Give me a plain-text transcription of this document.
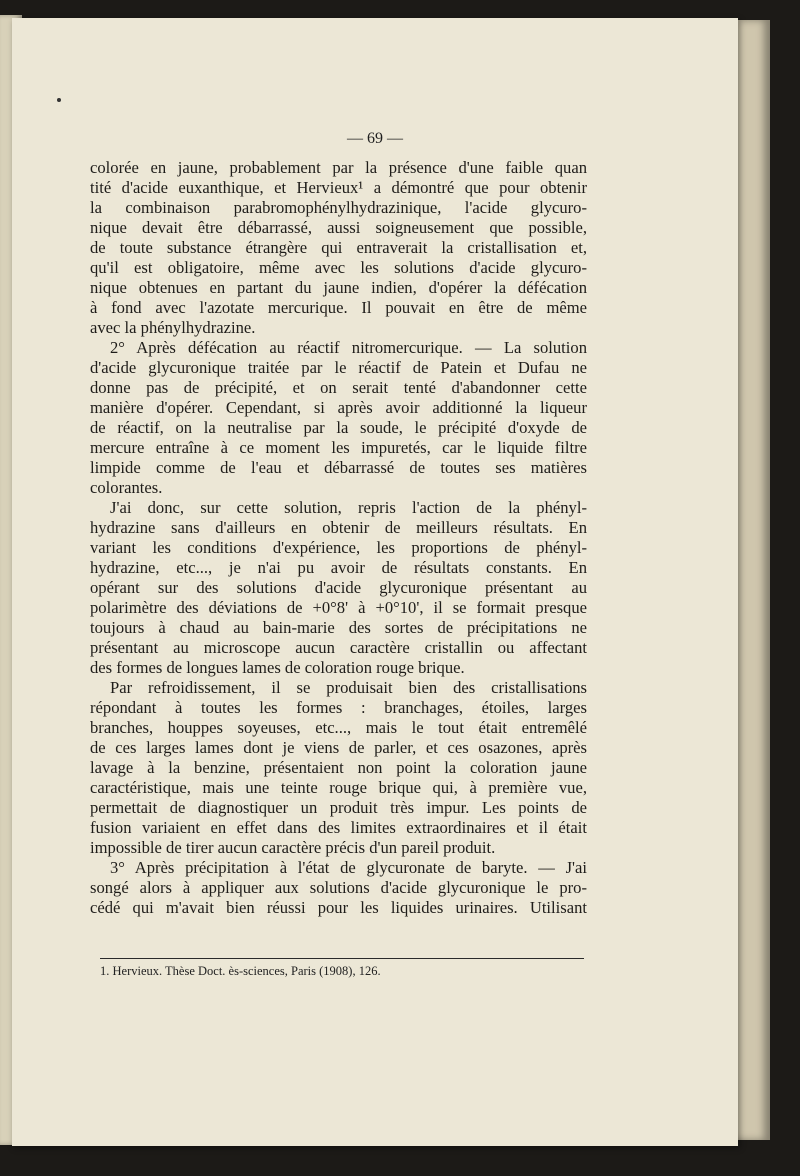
— 69 —
colorée en jaune, probablement par la présence d'une faible quan
tité d'acide euxanthique, et Hervieux¹ a démontré que pour obtenir
la combinaison parabromophénylhydrazinique, l'acide glycuro-
nique devait être débarrassé, aussi soigneusement que possible,
de toute substance étrangère qui entraverait la cristallisation et,
qu'il est obligatoire, même avec les solutions d'acide glycuro-
nique obtenues en partant du jaune indien, d'opérer la défécation
à fond avec l'azotate mercurique. Il pouvait en être de même
avec la phénylhydrazine.
2° Après défécation au réactif nitromercurique. — La solution
d'acide glycuronique traitée par le réactif de Patein et Dufau ne
donne pas de précipité, et on serait tenté d'abandonner cette
manière d'opérer. Cependant, si après avoir additionné la liqueur
de réactif, on la neutralise par la soude, le précipité d'oxyde de
mercure entraîne à ce moment les impuretés, car le liquide filtre
limpide comme de l'eau et débarrassé de toutes ses matières
colorantes.
J'ai donc, sur cette solution, repris l'action de la phényl-
hydrazine sans d'ailleurs en obtenir de meilleurs résultats. En
variant les conditions d'expérience, les proportions de phényl-
hydrazine, etc..., je n'ai pu avoir de résultats constants. En
opérant sur des solutions d'acide glycuronique présentant au
polarimètre des déviations de +0°8' à +0°10', il se formait presque
toujours à chaud au bain-marie des sortes de précipitations ne
présentant au microscope aucun caractère cristallin ou affectant
des formes de longues lames de coloration rouge brique.
Par refroidissement, il se produisait bien des cristallisations
répondant à toutes les formes : branchages, étoiles, larges
branches, houppes soyeuses, etc..., mais le tout était entremêlé
de ces larges lames dont je viens de parler, et ces osazones, après
lavage à la benzine, présentaient non point la coloration jaune
caractéristique, mais une teinte rouge brique qui, à première vue,
permettait de diagnostiquer un produit très impur. Les points de
fusion variaient en effet dans des limites extraordinaires et il était
impossible de tirer aucun caractère précis d'un pareil produit.
3° Après précipitation à l'état de glycuronate de baryte. — J'ai
songé alors à appliquer aux solutions d'acide glycuronique le pro-
cédé qui m'avait bien réussi pour les liquides urinaires. Utilisant
1. Hervieux. Thèse Doct. ès-sciences, Paris (1908), 126.
